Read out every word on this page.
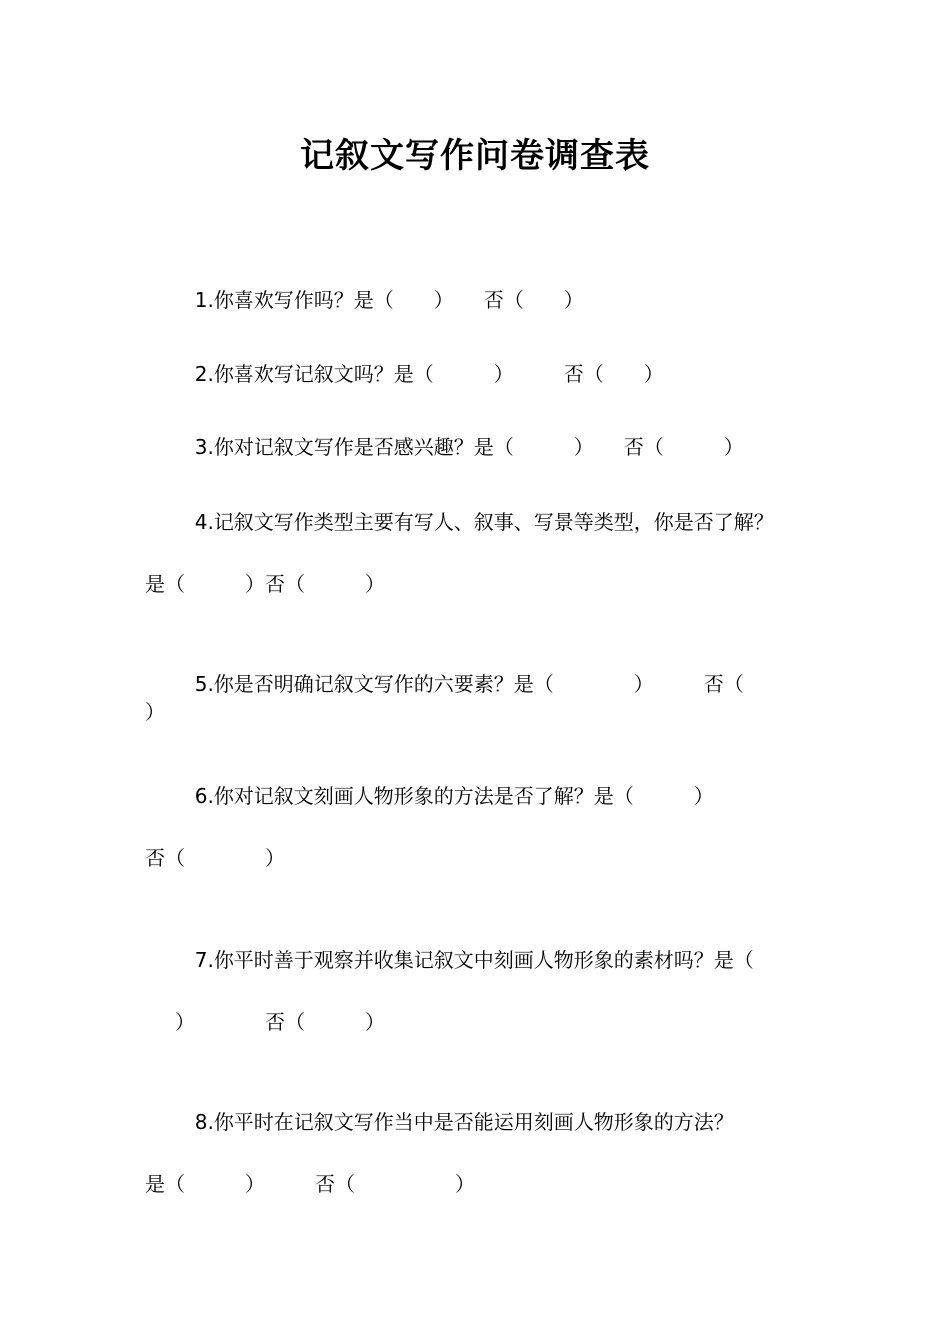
记叙文写作问卷调查表

1.你喜欢写作吗？是（　　）　　否（　　）

2.你喜欢写记叙文吗？是（　　　）　　　否（　　）

3.你对记叙文写作是否感兴趣？是（　　　）　　否（　　　）

4.记叙文写作类型主要有写人、叙事、写景等类型，你是否了解？

是（　　　）否（　　　）

5.你是否明确记叙文写作的六要素？是（　　　　）　　　否（

）

6.你对记叙文刻画人物形象的方法是否了解？是（　　　）

否（　　　　）

7.你平时善于观察并收集记叙文中刻画人物形象的素材吗？是（

　）　　　　否（　　　）

8.你平时在记叙文写作当中是否能运用刻画人物形象的方法？

是（　　　）　　　否（　　　　　）
